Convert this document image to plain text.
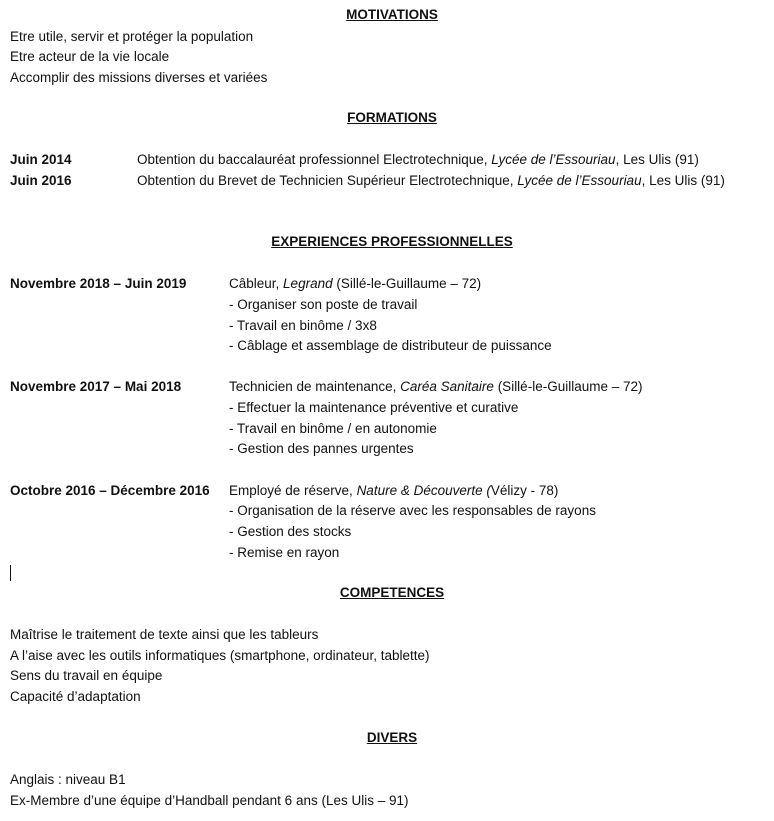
MOTIVATIONS
Etre utile, servir et protéger la population
Etre acteur de la vie locale
Accomplir des missions diverses et variées
FORMATIONS
Juin 2014	Obtention du baccalauréat professionnel Electrotechnique, Lycée de l’Essouriau, Les Ulis (91)
Juin 2016	Obtention du Brevet de Technicien Supérieur Electrotechnique, Lycée de l’Essouriau, Les Ulis (91)
EXPERIENCES PROFESSIONNELLES
Novembre 2018 – Juin 2019	Câbleur, Legrand (Sillé-le-Guillaume – 72)
- Organiser son poste de travail
- Travail en binôme / 3x8
- Câblage et assemblage de distributeur de puissance
Novembre 2017 – Mai 2018	Technicien de maintenance, Caréa Sanitaire (Sillé-le-Guillaume – 72)
- Effectuer la maintenance préventive et curative
- Travail en binôme / en autonomie
- Gestion des pannes urgentes
Octobre 2016 – Décembre 2016 Employé de réserve, Nature & Découverte (Vélizy - 78)
- Organisation de la réserve avec les responsables de rayons
- Gestion des stocks
- Remise en rayon
COMPETENCES
Maîtrise le traitement de texte ainsi que les tableurs
A l’aise avec les outils informatiques (smartphone, ordinateur, tablette)
Sens du travail en équipe
Capacité d’adaptation
DIVERS
Anglais : niveau B1
Ex-Membre d’une équipe d’Handball pendant 6 ans (Les Ulis – 91)
